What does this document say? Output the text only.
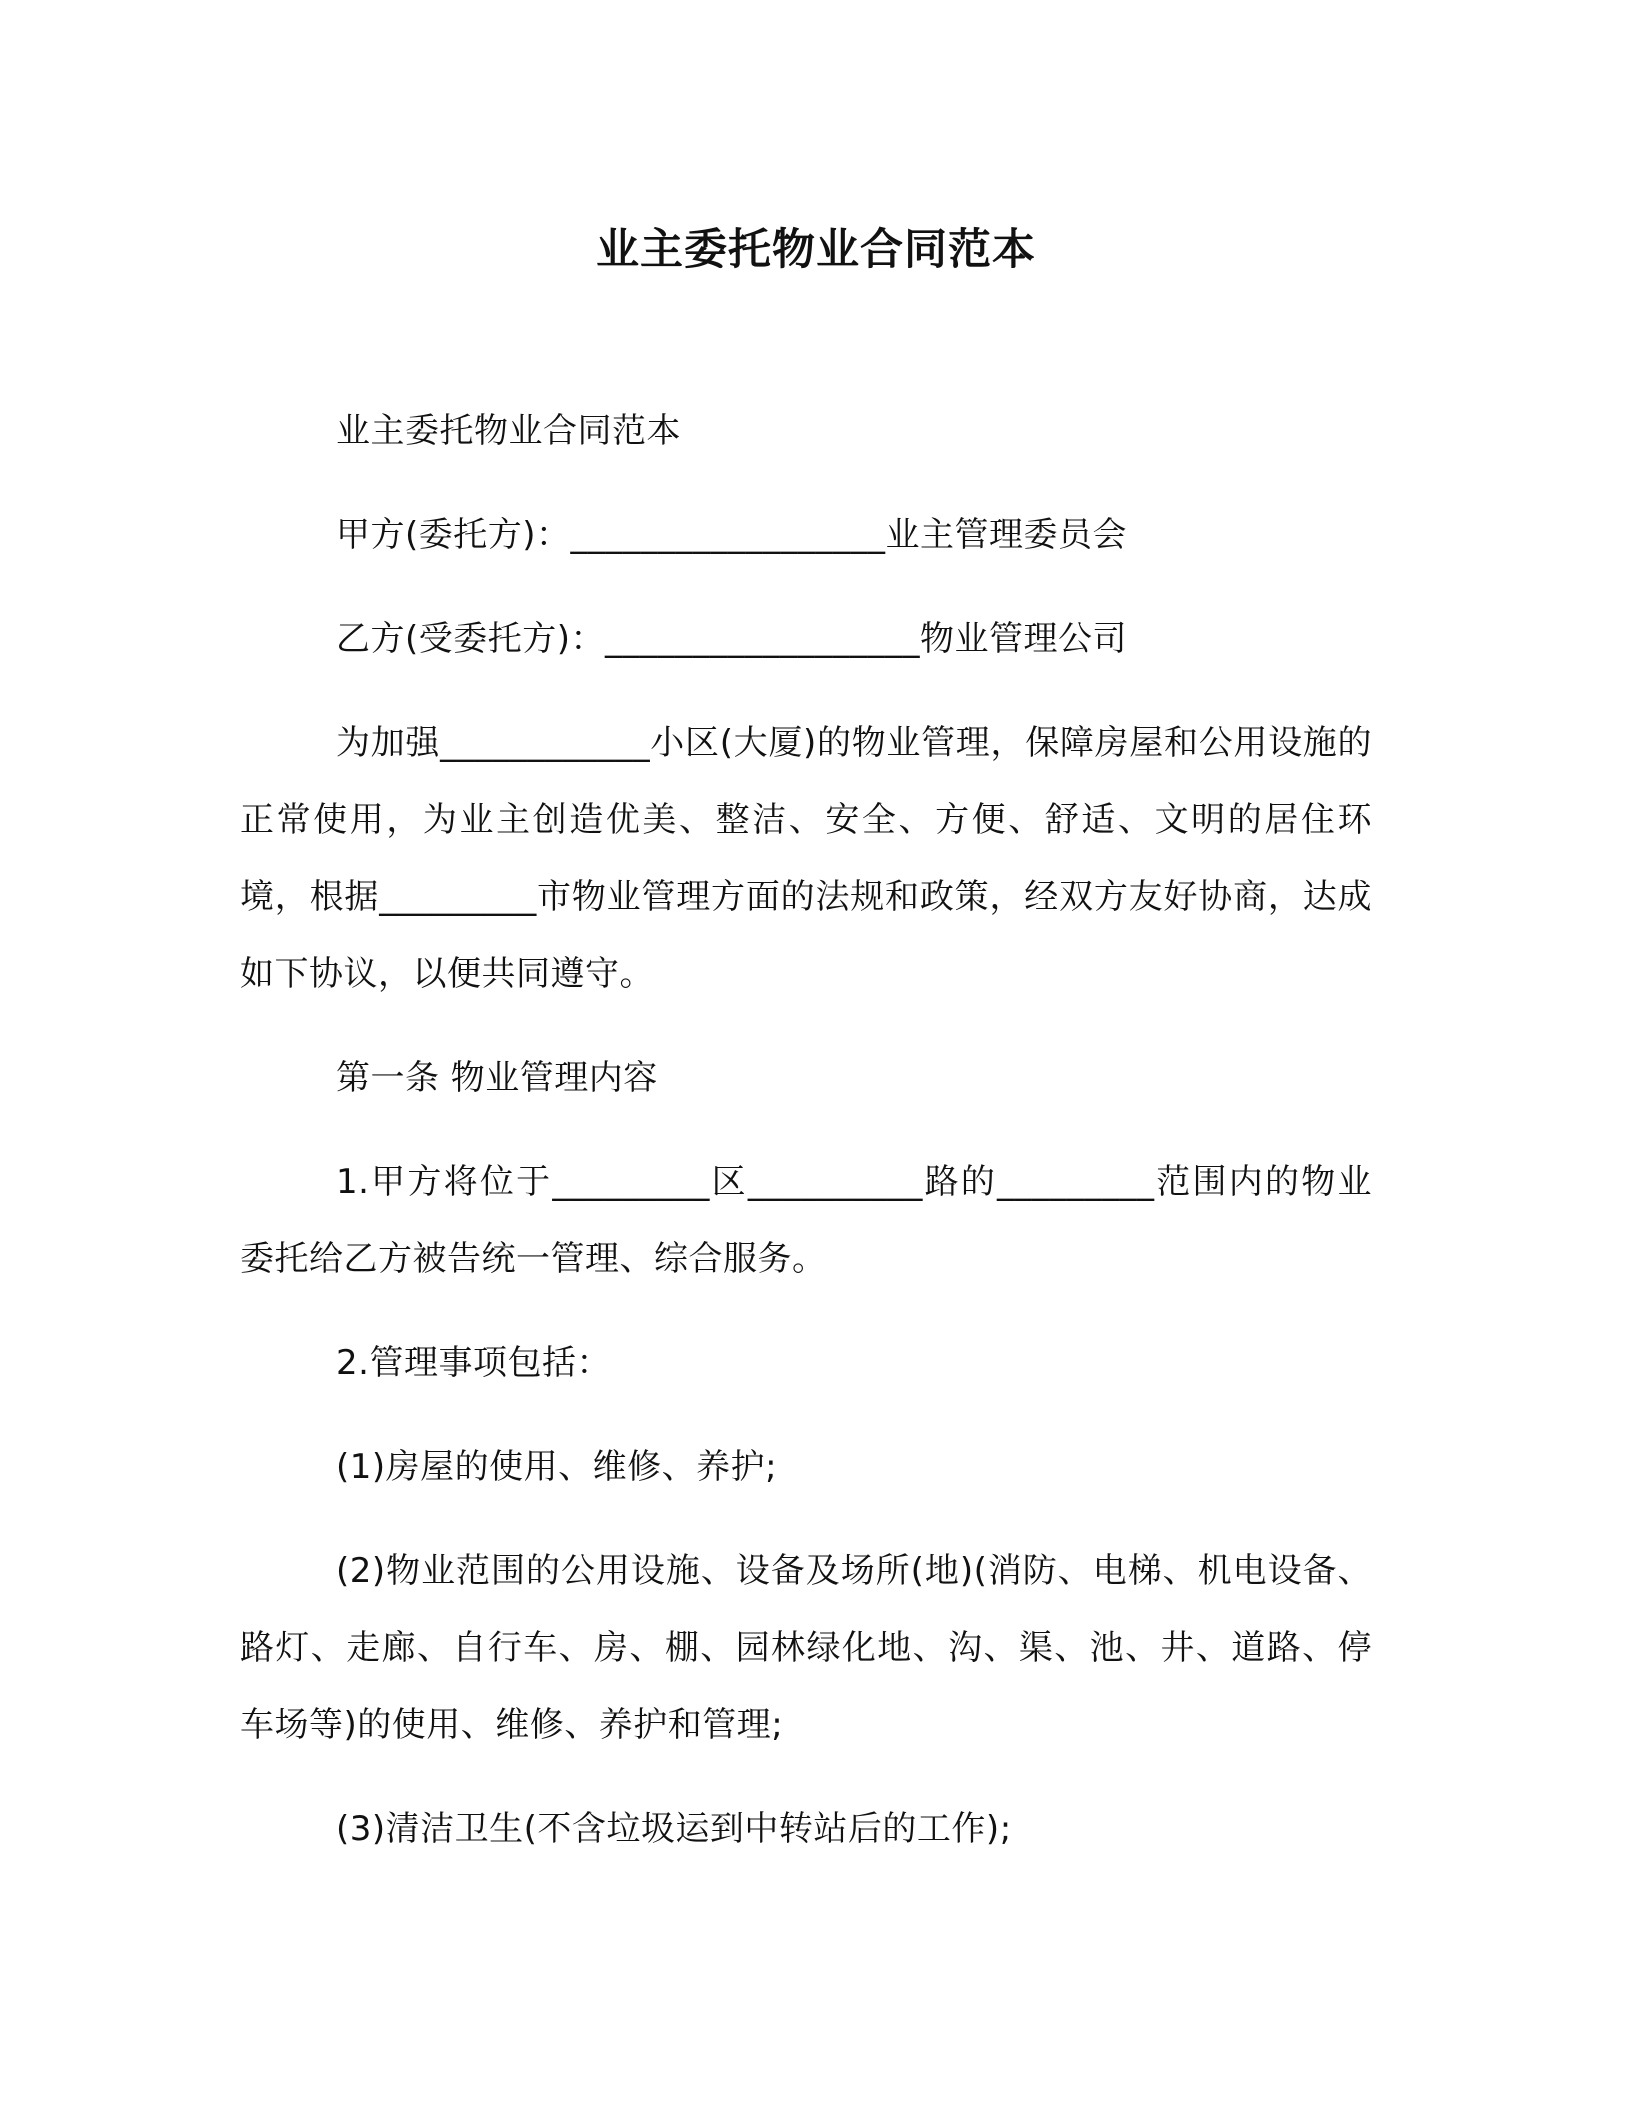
业主委托物业合同范本

业主委托物业合同范本

甲方(委托方)：__________________业主管理委员会

乙方(受委托方)：__________________物业管理公司

为加强____________小区(大厦)的物业管理，保障房屋和公用设施的正常使用，为业主创造优美、整洁、安全、方便、舒适、文明的居住环境，根据_________市物业管理方面的法规和政策，经双方友好协商，达成如下协议，以便共同遵守。

第一条 物业管理内容

1.甲方将位于_________区__________路的_________范围内的物业委托给乙方被告统一管理、综合服务。

2.管理事项包括：

(1)房屋的使用、维修、养护;

(2)物业范围的公用设施、设备及场所(地)(消防、电梯、机电设备、路灯、走廊、自行车、房、棚、园林绿化地、沟、渠、池、井、道路、停车场等)的使用、维修、养护和管理;

(3)清洁卫生(不含垃圾运到中转站后的工作);
